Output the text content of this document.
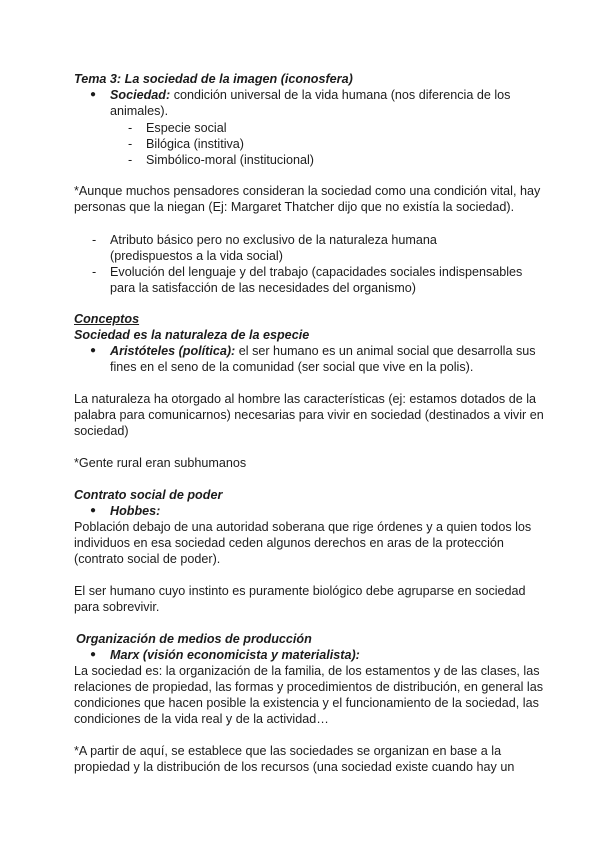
Tema 3: La sociedad de la imagen (iconosfera)
● Sociedad: condición universal de la vida humana (nos diferencia de los
animales).
- Especie social
- Bilógica (institiva)
- Simbólico-moral (institucional)
*Aunque muchos pensadores consideran la sociedad como una condición vital, hay
personas que la niegan (Ej: Margaret Thatcher dijo que no existía la sociedad).
- Atributo básico pero no exclusivo de la naturaleza humana
(predispuestos a la vida social)
- Evolución del lenguaje y del trabajo (capacidades sociales indispensables
para la satisfacción de las necesidades del organismo)
Conceptos
Sociedad es la naturaleza de la especie
● Aristóteles (política): el ser humano es un animal social que desarrolla sus
fines en el seno de la comunidad (ser social que vive en la polis).
La naturaleza ha otorgado al hombre las características (ej: estamos dotados de la
palabra para comunicarnos) necesarias para vivir en sociedad (destinados a vivir en
sociedad)
*Gente rural eran subhumanos
Contrato social de poder
● Hobbes:
Población debajo de una autoridad soberana que rige órdenes y a quien todos los
individuos en esa sociedad ceden algunos derechos en aras de la protección
(contrato social de poder).
El ser humano cuyo instinto es puramente biológico debe agruparse en sociedad
para sobrevivir.
Organización de medios de producción
● Marx (visión economicista y materialista):
La sociedad es: la organización de la familia, de los estamentos y de las clases, las
relaciones de propiedad, las formas y procedimientos de distribución, en general las
condiciones que hacen posible la existencia y el funcionamiento de la sociedad, las
condiciones de la vida real y de la actividad…
*A partir de aquí, se establece que las sociedades se organizan en base a la
propiedad y la distribución de los recursos (una sociedad existe cuando hay un
